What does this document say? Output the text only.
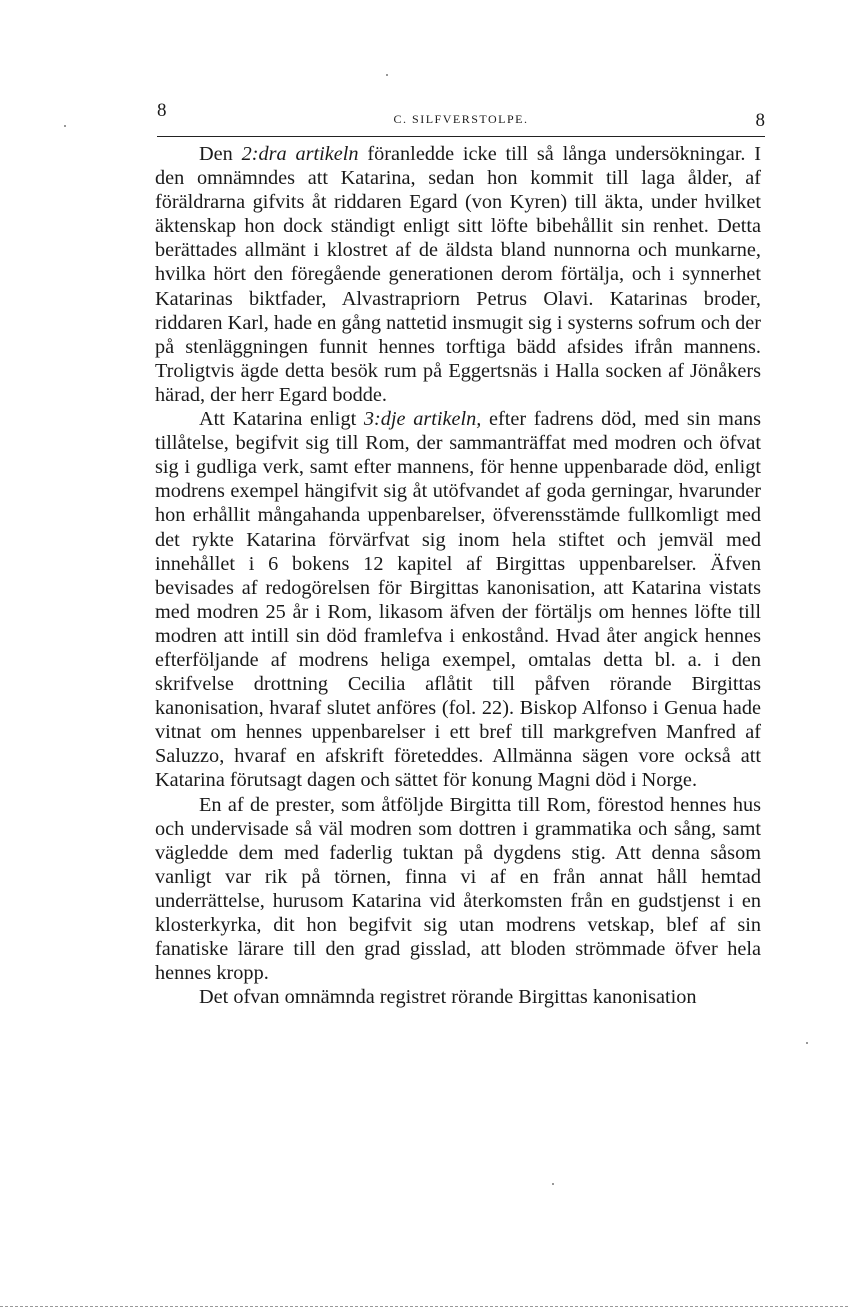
8	C. SILFVERSTOLPE.	8

Den 2:dra artikeln föranledde icke till så långa undersökningar. I den omnämndes att Katarina, sedan hon kommit till laga ålder, af föräldrarna gifvits åt riddaren Egard (von Kyren) till äkta, under hvilket äktenskap hon dock ständigt enligt sitt löfte bibehållit sin renhet. Detta berättades allmänt i klostret af de äldsta bland nunnorna och munkarne, hvilka hört den föregående generationen derom förtälja, och i synnerhet Katarinas biktfader, Alvastrapriorn Petrus Olavi. Katarinas broder, riddaren Karl, hade en gång nattetid insmugit sig i systerns sofrum och der på stenläggningen funnit hennes torftiga bädd afsides ifrån mannens. Troligtvis ägde detta besök rum på Eggertsnäs i Halla socken af Jönåkers härad, der herr Egard bodde.

Att Katarina enligt 3:dje artikeln, efter fadrens död, med sin mans tillåtelse, begifvit sig till Rom, der sammanträffat med modren och öfvat sig i gudliga verk, samt efter mannens, för henne uppenbarade död, enligt modrens exempel hängifvit sig åt utöfvandet af goda gerningar, hvarunder hon erhållit mångahanda uppenbarelser, öfverensstämde fullkomligt med det rykte Katarina förvärfvat sig inom hela stiftet och jemväl med innehållet i 6 bokens 12 kapitel af Birgittas uppenbarelser. Äfven bevisades af redogörelsen för Birgittas kanonisation, att Katarina vistats med modren 25 år i Rom, likasom äfven der förtäljs om hennes löfte till modren att intill sin död framlefva i enkostånd. Hvad åter angick hennes efterföljande af modrens heliga exempel, omtalas detta bl. a. i den skrifvelse drottning Cecilia aflåtit till påfven rörande Birgittas kanonisation, hvaraf slutet anföres (fol. 22). Biskop Alfonso i Genua hade vitnat om hennes uppenbarelser i ett bref till markgrefven Manfred af Saluzzo, hvaraf en afskrift företeddes. Allmänna sägen vore också att Katarina förutsagt dagen och sättet för konung Magni död i Norge.

En af de prester, som åtföljde Birgitta till Rom, förestod hennes hus och undervisade så väl modren som dottren i grammatika och sång, samt vägledde dem med faderlig tuktan på dygdens stig. Att denna såsom vanligt var rik på törnen, finna vi af en från annat håll hemtad underrättelse, hurusom Katarina vid återkomsten från en gudstjenst i en klosterkyrka, dit hon begifvit sig utan modrens vetskap, blef af sin fanatiske lärare till den grad gisslad, att bloden strömmade öfver hela hennes kropp.

Det ofvan omnämnda registret rörande Birgittas kanonisation
